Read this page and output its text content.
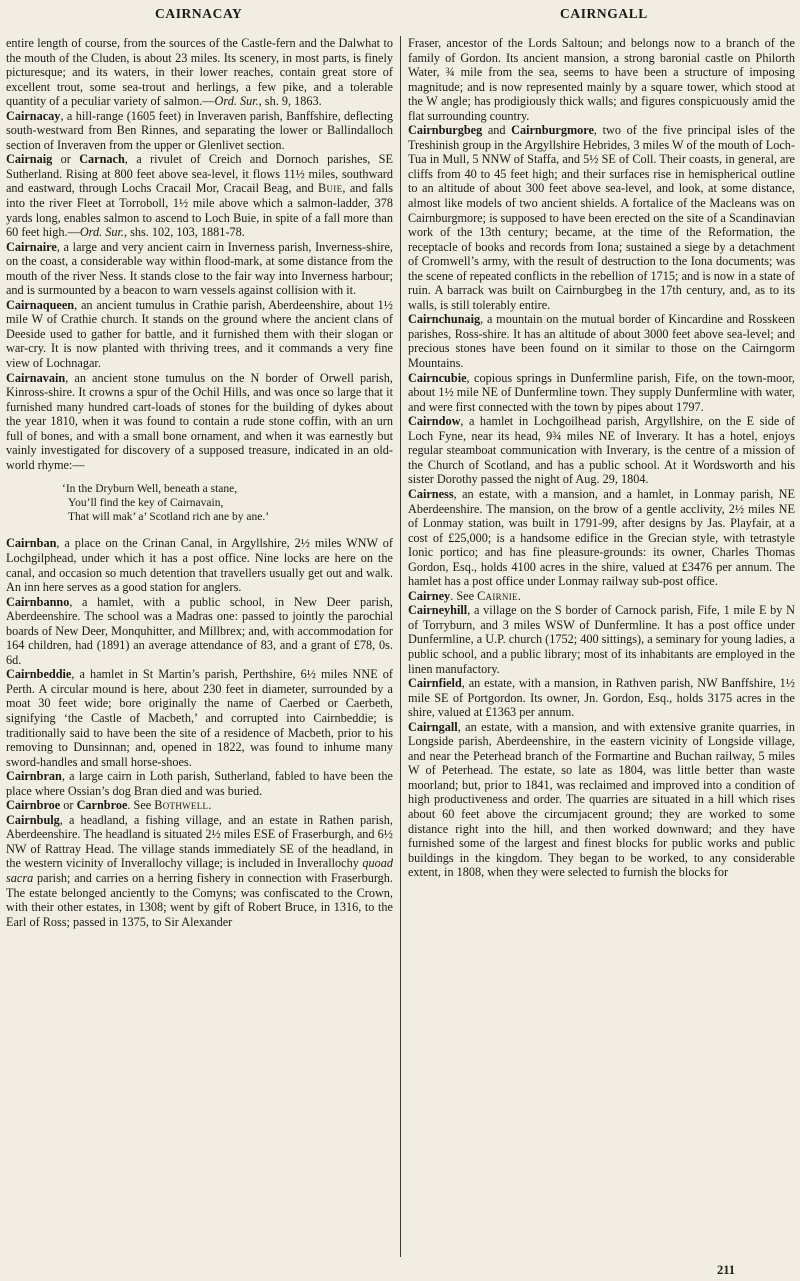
CAIRNACAY	CAIRNGALL

entire length of course, from the sources of the Castle-fern and the Dalwhat to the mouth of the Cluden, is about 23 miles. Its scenery, in most parts, is finely picturesque; and its waters, in their lower reaches, contain great store of excellent trout, some sea-trout and herlings, a few pike, and a tolerable quantity of a peculiar variety of salmon.—Ord. Sur., sh. 9, 1863.

Cairnacay, a hill-range (1605 feet) in Inveraven parish, Banffshire, deflecting south-westward from Ben Rinnes, and separating the lower or Ballindalloch section of Inveraven from the upper or Glenlivet section.

Cairnaig or Carnach, a rivulet of Creich and Dornoch parishes, SE Sutherland. Rising at 800 feet above sea-level, it flows 11½ miles, southward and eastward, through Lochs Cracail Mor, Cracail Beag, and Buie, and falls into the river Fleet at Torroboll, 1½ mile above which a salmon-ladder, 378 yards long, enables salmon to ascend to Loch Buie, in spite of a fall more than 60 feet high.—Ord. Sur., shs. 102, 103, 1881-78.

Cairnaire, a large and very ancient cairn in Inverness parish, Inverness-shire, on the coast, a considerable way within flood-mark, at some distance from the mouth of the river Ness. It stands close to the fair way into Inverness harbour; and is surmounted by a beacon to warn vessels against collision with it.

Cairnaqueen, an ancient tumulus in Crathie parish, Aberdeenshire, about 1½ mile W of Crathie church. It stands on the ground where the ancient clans of Deeside used to gather for battle, and it furnished them with their slogan or war-cry. It is now planted with thriving trees, and it commands a very fine view of Lochnagar.

Cairnavain, an ancient stone tumulus on the N border of Orwell parish, Kinross-shire. It crowns a spur of the Ochil Hills, and was once so large that it furnished many hundred cart-loads of stones for the building of dykes about the year 1810, when it was found to contain a rude stone coffin, with an urn full of bones, and with a small bone ornament, and when it was earnestly but vainly investigated for discovery of a supposed treasure, indicated in an old-world rhyme:—

‘In the Dryburn Well, beneath a stane,
You’ll find the key of Cairnavain,
That will mak’ a’ Scotland rich ane by ane.’

Cairnban, a place on the Crinan Canal, in Argyllshire, 2½ miles WNW of Lochgilphead, under which it has a post office. Nine locks are here on the canal, and occasion so much detention that travellers usually get out and walk. An inn here serves as a good station for anglers.

Cairnbanno, a hamlet, with a public school, in New Deer parish, Aberdeenshire. The school was a Madras one: passed to jointly the parochial boards of New Deer, Monquhitter, and Millbrex; and, with accommodation for 164 children, had (1891) an average attendance of 83, and a grant of £78, 0s. 6d.

Cairnbeddie, a hamlet in St Martin’s parish, Perthshire, 6½ miles NNE of Perth. A circular mound is here, about 230 feet in diameter, surrounded by a moat 30 feet wide; bore originally the name of Caerbed or Caerbeth, signifying ‘the Castle of Macbeth,’ and corrupted into Cairnbeddie; is traditionally said to have been the site of a residence of Macbeth, prior to his removing to Dunsinnan; and, opened in 1822, was found to inhume many sword-handles and small horse-shoes.

Cairnbran, a large cairn in Loth parish, Sutherland, fabled to have been the place where Ossian’s dog Bran died and was buried.

Cairnbroe or Carnbroe. See Bothwell.

Cairnbulg, a headland, a fishing village, and an estate in Rathen parish, Aberdeenshire. The headland is situated 2½ miles ESE of Fraserburgh, and 6½ NW of Rattray Head. The village stands immediately SE of the headland, in the western vicinity of Inverallochy village; is included in Inverallochy quoad sacra parish; and carries on a herring fishery in connection with Fraserburgh. The estate belonged anciently to the Comyns; was confiscated to the Crown, with their other estates, in 1308; went by gift of Robert Bruce, in 1316, to the Earl of Ross; passed in 1375, to Sir Alexander

Fraser, ancestor of the Lords Saltoun; and belongs now to a branch of the family of Gordon. Its ancient mansion, a strong baronial castle on Philorth Water, ¾ mile from the sea, seems to have been a structure of imposing magnitude; and is now represented mainly by a square tower, which stood at the W angle; has prodigiously thick walls; and figures conspicuously amid the flat surrounding country.

Cairnburgbeg and Cairnburgmore, two of the five principal isles of the Treshinish group in the Argyllshire Hebrides, 3 miles W of the mouth of Loch-Tua in Mull, 5 NNW of Staffa, and 5½ SE of Coll. Their coasts, in general, are cliffs from 40 to 45 feet high; and their surfaces rise in hemispherical outline to an altitude of about 300 feet above sea-level, and look, at some distance, almost like models of two ancient shields. A fortalice of the Macleans was on Cairnburgmore; is supposed to have been erected on the site of a Scandinavian work of the 13th century; became, at the time of the Reformation, the receptacle of books and records from Iona; sustained a siege by a detachment of Cromwell’s army, with the result of destruction to the Iona documents; was the scene of repeated conflicts in the rebellion of 1715; and is now in a state of ruin. A barrack was built on Cairnburgbeg in the 17th century, and, as to its walls, is still tolerably entire.

Cairnchunaig, a mountain on the mutual border of Kincardine and Rosskeen parishes, Ross-shire. It has an altitude of about 3000 feet above sea-level; and precious stones have been found on it similar to those on the Cairngorm Mountains.

Cairncubie, copious springs in Dunfermline parish, Fife, on the town-moor, about 1½ mile NE of Dunfermline town. They supply Dunfermline with water, and were first connected with the town by pipes about 1797.

Cairndow, a hamlet in Lochgoilhead parish, Argyllshire, on the E side of Loch Fyne, near its head, 9¾ miles NE of Inverary. It has a hotel, enjoys regular steamboat communication with Inverary, is the centre of a mission of the Church of Scotland, and has a public school. At it Wordsworth and his sister Dorothy passed the night of Aug. 29, 1804.

Cairness, an estate, with a mansion, and a hamlet, in Lonmay parish, NE Aberdeenshire. The mansion, on the brow of a gentle acclivity, 2½ miles NE of Lonmay station, was built in 1791-99, after designs by Jas. Playfair, at a cost of £25,000; is a handsome edifice in the Grecian style, with tetrastyle Ionic portico; and has fine pleasure-grounds: its owner, Charles Thomas Gordon, Esq., holds 4100 acres in the shire, valued at £3476 per annum. The hamlet has a post office under Lonmay railway sub-post office.

Cairney. See Cairnie.

Cairneyhill, a village on the S border of Carnock parish, Fife, 1 mile E by N of Torryburn, and 3 miles WSW of Dunfermline. It has a post office under Dunfermline, a U.P. church (1752; 400 sittings), a seminary for young ladies, a public school, and a public library; most of its inhabitants are employed in the linen manufactory.

Cairnfield, an estate, with a mansion, in Rathven parish, NW Banffshire, 1½ mile SE of Portgordon. Its owner, Jn. Gordon, Esq., holds 3175 acres in the shire, valued at £1363 per annum.

Cairngall, an estate, with a mansion, and with extensive granite quarries, in Longside parish, Aberdeenshire, in the eastern vicinity of Longside village, and near the Peterhead branch of the Formartine and Buchan railway, 5 miles W of Peterhead. The estate, so late as 1804, was little better than waste moorland; but, prior to 1841, was reclaimed and improved into a condition of high productiveness and order. The quarries are situated in a hill which rises about 60 feet above the circumjacent ground; they are worked to some distance right into the hill, and then worked downward; and they have furnished some of the largest and finest blocks for public works and public buildings in the kingdom. They began to be worked, to any considerable extent, in 1808, when they were selected to furnish the blocks for

211
